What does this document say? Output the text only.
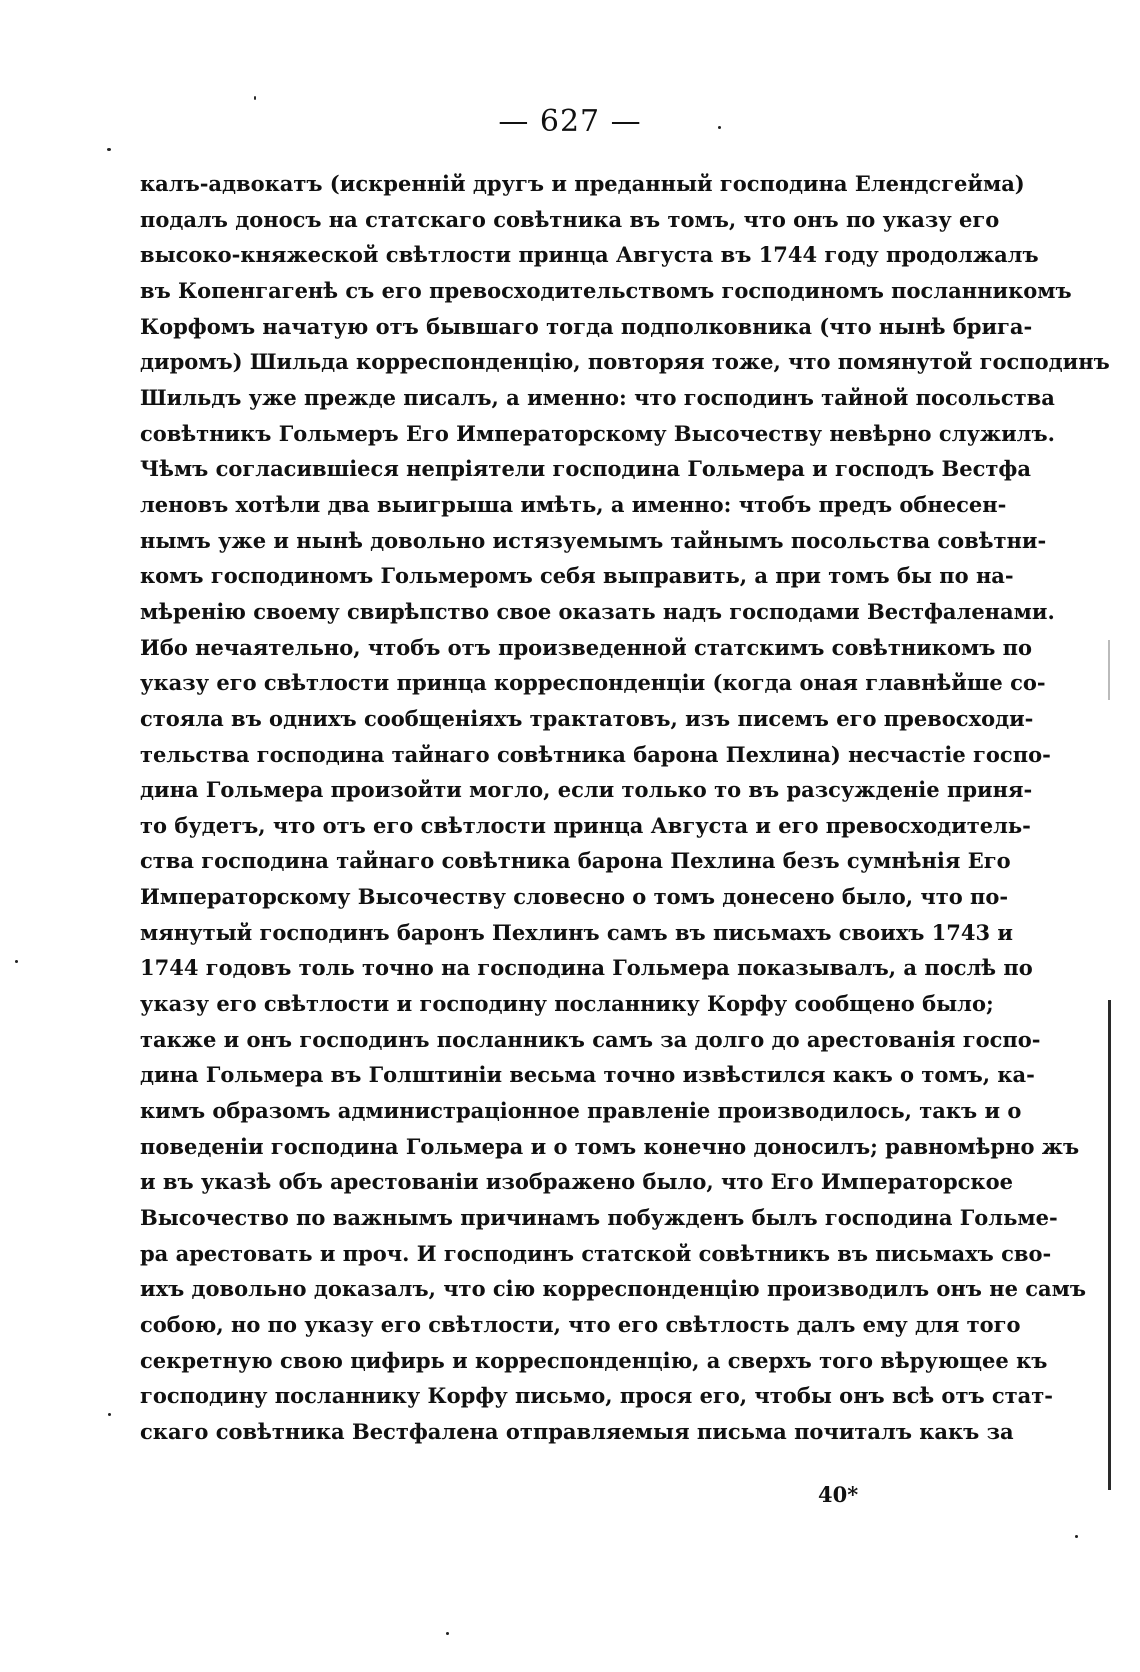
— 627 —
калъ-адвокатъ (искренній другъ и преданный господина Елендсгейма)
подалъ доносъ на статскаго совѣтника въ томъ, что онъ по указу его
высоко-княжеской свѣтлости принца Августа въ 1744 году продолжалъ
въ Копенгагенѣ съ его превосходительствомъ господиномъ посланникомъ
Корфомъ начатую отъ бывшаго тогда подполковника (что нынѣ брига-
диромъ) Шильда корреспонденцію, повторяя тоже, что помянутой господинъ
Шильдъ уже прежде писалъ, а именно: что господинъ тайной посольства
совѣтникъ Гольмеръ Его Императорскому Высочеству невѣрно служилъ.
Чѣмъ согласившіеся непріятели господина Гольмера и господъ Вестфа
леновъ хотѣли два выигрыша имѣть, а именно: чтобъ предъ обнесен-
нымъ уже и нынѣ довольно истязуемымъ тайнымъ посольства совѣтни-
комъ господиномъ Гольмеромъ себя выправить, а при томъ бы по на-
мѣренію своему свирѣпство свое оказать надъ господами Вестфаленами.
Ибо нечаятельно, чтобъ отъ произведенной статскимъ совѣтникомъ по
указу его свѣтлости принца корреспонденціи (когда оная главнѣйше со-
стояла въ однихъ сообщеніяхъ трактатовъ, изъ писемъ его превосходи-
тельства господина тайнаго совѣтника барона Пехлина) несчастіе госпо-
дина Гольмера произойти могло, если только то въ разсужденіе приня-
то будетъ, что отъ его свѣтлости принца Августа и его превосходитель-
ства господина тайнаго совѣтника барона Пехлина безъ сумнѣнія Его
Императорскому Высочеству словесно о томъ донесено было, что по-
мянутый господинъ баронъ Пехлинъ самъ въ письмахъ своихъ 1743 и
1744 годовъ толь точно на господина Гольмера показывалъ, а послѣ по
указу его свѣтлости и господину посланнику Корфу сообщено было;
также и онъ господинъ посланникъ самъ за долго до арестованія госпо-
дина Гольмера въ Голштиніи весьма точно извѣстился какъ о томъ, ка-
кимъ образомъ администраціонное правленіе производилось, такъ и о
поведеніи господина Гольмера и о томъ конечно доносилъ; равномѣрно жъ
и въ указѣ объ арестованіи изображено было, что Его Императорское
Высочество по важнымъ причинамъ побужденъ былъ господина Гольме-
ра арестовать и проч. И господинъ статской совѣтникъ въ письмахъ сво-
ихъ довольно доказалъ, что сію корреспонденцію производилъ онъ не самъ
собою, но по указу его свѣтлости, что его свѣтлость далъ ему для того
секретную свою цифирь и корреспонденцію, а сверхъ того вѣрующее къ
господину посланнику Корфу письмо, прося его, чтобы онъ всѣ отъ стат-
скаго совѣтника Вестфалена отправляемыя письма почиталъ какъ за
40*
